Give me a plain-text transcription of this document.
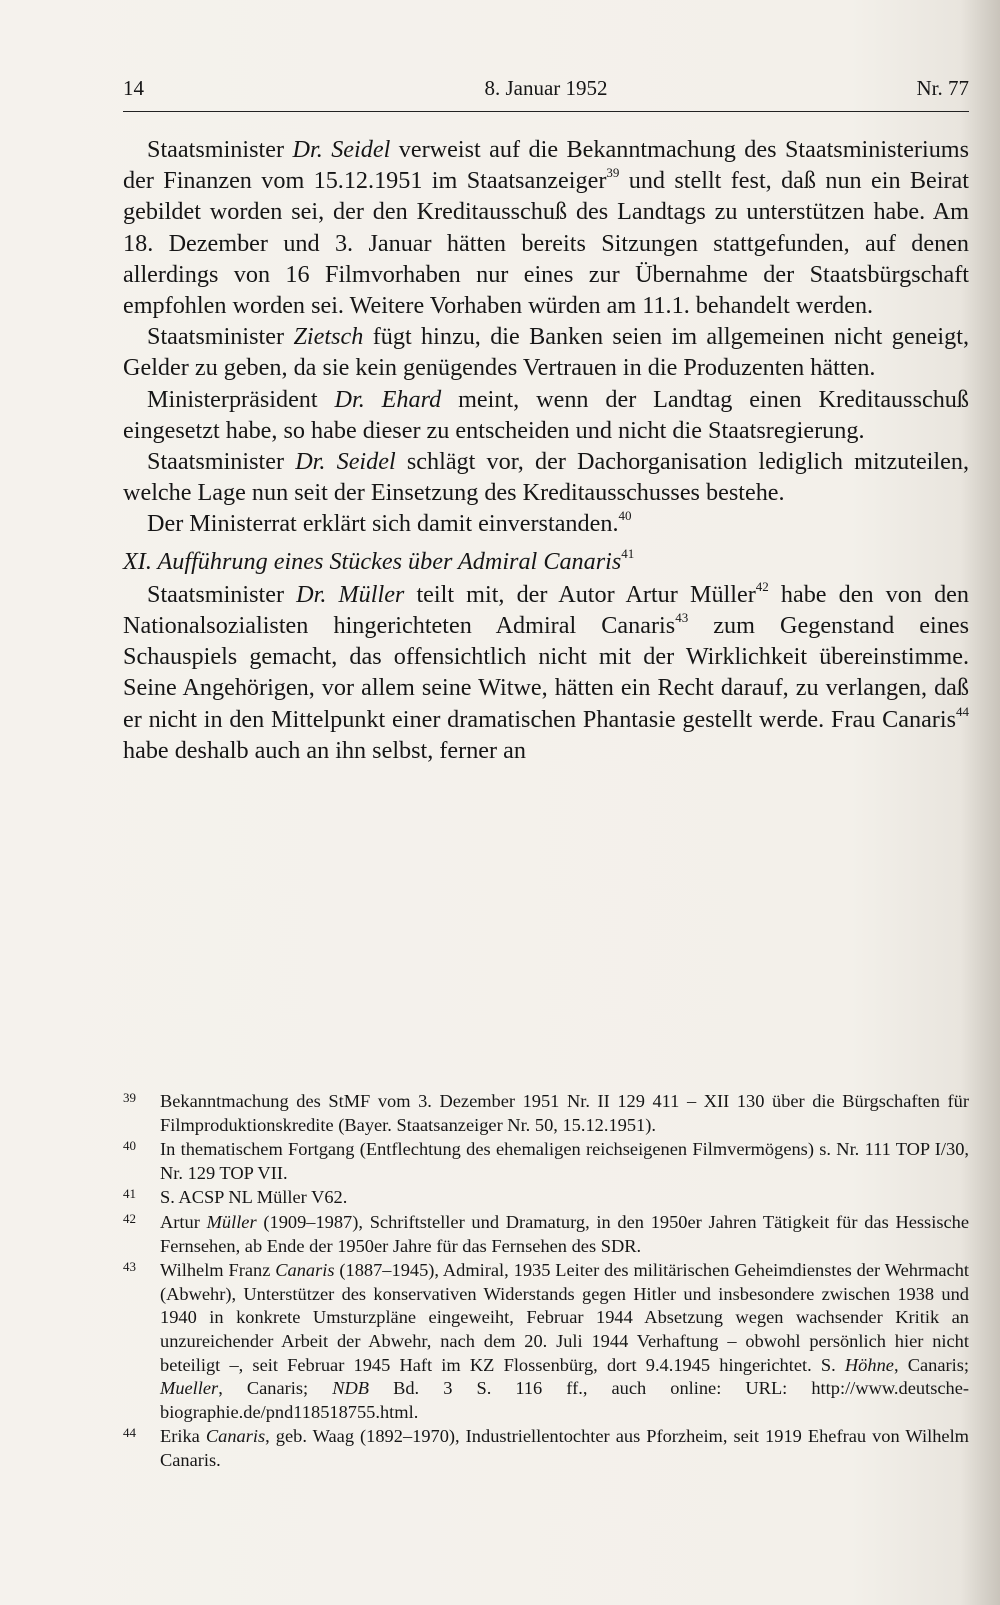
14	8. Januar 1952	Nr. 77

Staatsminister Dr. Seidel verweist auf die Bekanntmachung des Staatsministeriums der Finanzen vom 15.12.1951 im Staatsanzeiger$^{39}$ und stellt fest, daß nun ein Beirat gebildet worden sei, der den Kreditausschuß des Landtags zu unterstützen habe. Am 18. Dezember und 3. Januar hätten bereits Sitzungen stattgefunden, auf denen allerdings von 16 Filmvorhaben nur eines zur Übernahme der Staatsbürgschaft empfohlen worden sei. Weitere Vorhaben würden am 11.1. behandelt werden.

Staatsminister Zietsch fügt hinzu, die Banken seien im allgemeinen nicht geneigt, Gelder zu geben, da sie kein genügendes Vertrauen in die Produzenten hätten.

Ministerpräsident Dr. Ehard meint, wenn der Landtag einen Kreditausschuß eingesetzt habe, so habe dieser zu entscheiden und nicht die Staatsregierung.

Staatsminister Dr. Seidel schlägt vor, der Dachorganisation lediglich mitzuteilen, welche Lage nun seit der Einsetzung des Kreditausschusses bestehe.

Der Ministerrat erklärt sich damit einverstanden.$^{40}$

XI. Aufführung eines Stückes über Admiral Canaris$^{41}$

Staatsminister Dr. Müller teilt mit, der Autor Artur Müller$^{42}$ habe den von den Nationalsozialisten hingerichteten Admiral Canaris$^{43}$ zum Gegenstand eines Schauspiels gemacht, das offensichtlich nicht mit der Wirklichkeit übereinstimme. Seine Angehörigen, vor allem seine Witwe, hätten ein Recht darauf, zu verlangen, daß er nicht in den Mittelpunkt einer dramatischen Phantasie gestellt werde. Frau Canaris$^{44}$ habe deshalb auch an ihn selbst, ferner an

39 Bekanntmachung des StMF vom 3. Dezember 1951 Nr. II 129 411 – XII 130 über die Bürgschaften für Filmproduktionskredite (Bayer. Staatsanzeiger Nr. 50, 15.12.1951).
40 In thematischem Fortgang (Entflechtung des ehemaligen reichseigenen Filmvermögens) s. Nr. 111 TOP I/30, Nr. 129 TOP VII.
41 S. ACSP NL Müller V62.
42 Artur Müller (1909–1987), Schriftsteller und Dramaturg, in den 1950er Jahren Tätigkeit für das Hessische Fernsehen, ab Ende der 1950er Jahre für das Fernsehen des SDR.
43 Wilhelm Franz Canaris (1887–1945), Admiral, 1935 Leiter des militärischen Geheimdienstes der Wehrmacht (Abwehr), Unterstützer des konservativen Widerstands gegen Hitler und insbesondere zwischen 1938 und 1940 in konkrete Umsturzpläne eingeweiht, Februar 1944 Absetzung wegen wachsender Kritik an unzureichender Arbeit der Abwehr, nach dem 20. Juli 1944 Verhaftung – obwohl persönlich hier nicht beteiligt –, seit Februar 1945 Haft im KZ Flossenbürg, dort 9.4.1945 hingerichtet. S. Höhne, Canaris; Mueller, Canaris; NDB Bd. 3 S. 116 ff., auch online: URL: http://www.deutsche-biographie.de/pnd118518755.html.
44 Erika Canaris, geb. Waag (1892–1970), Industriellentochter aus Pforzheim, seit 1919 Ehefrau von Wilhelm Canaris.
